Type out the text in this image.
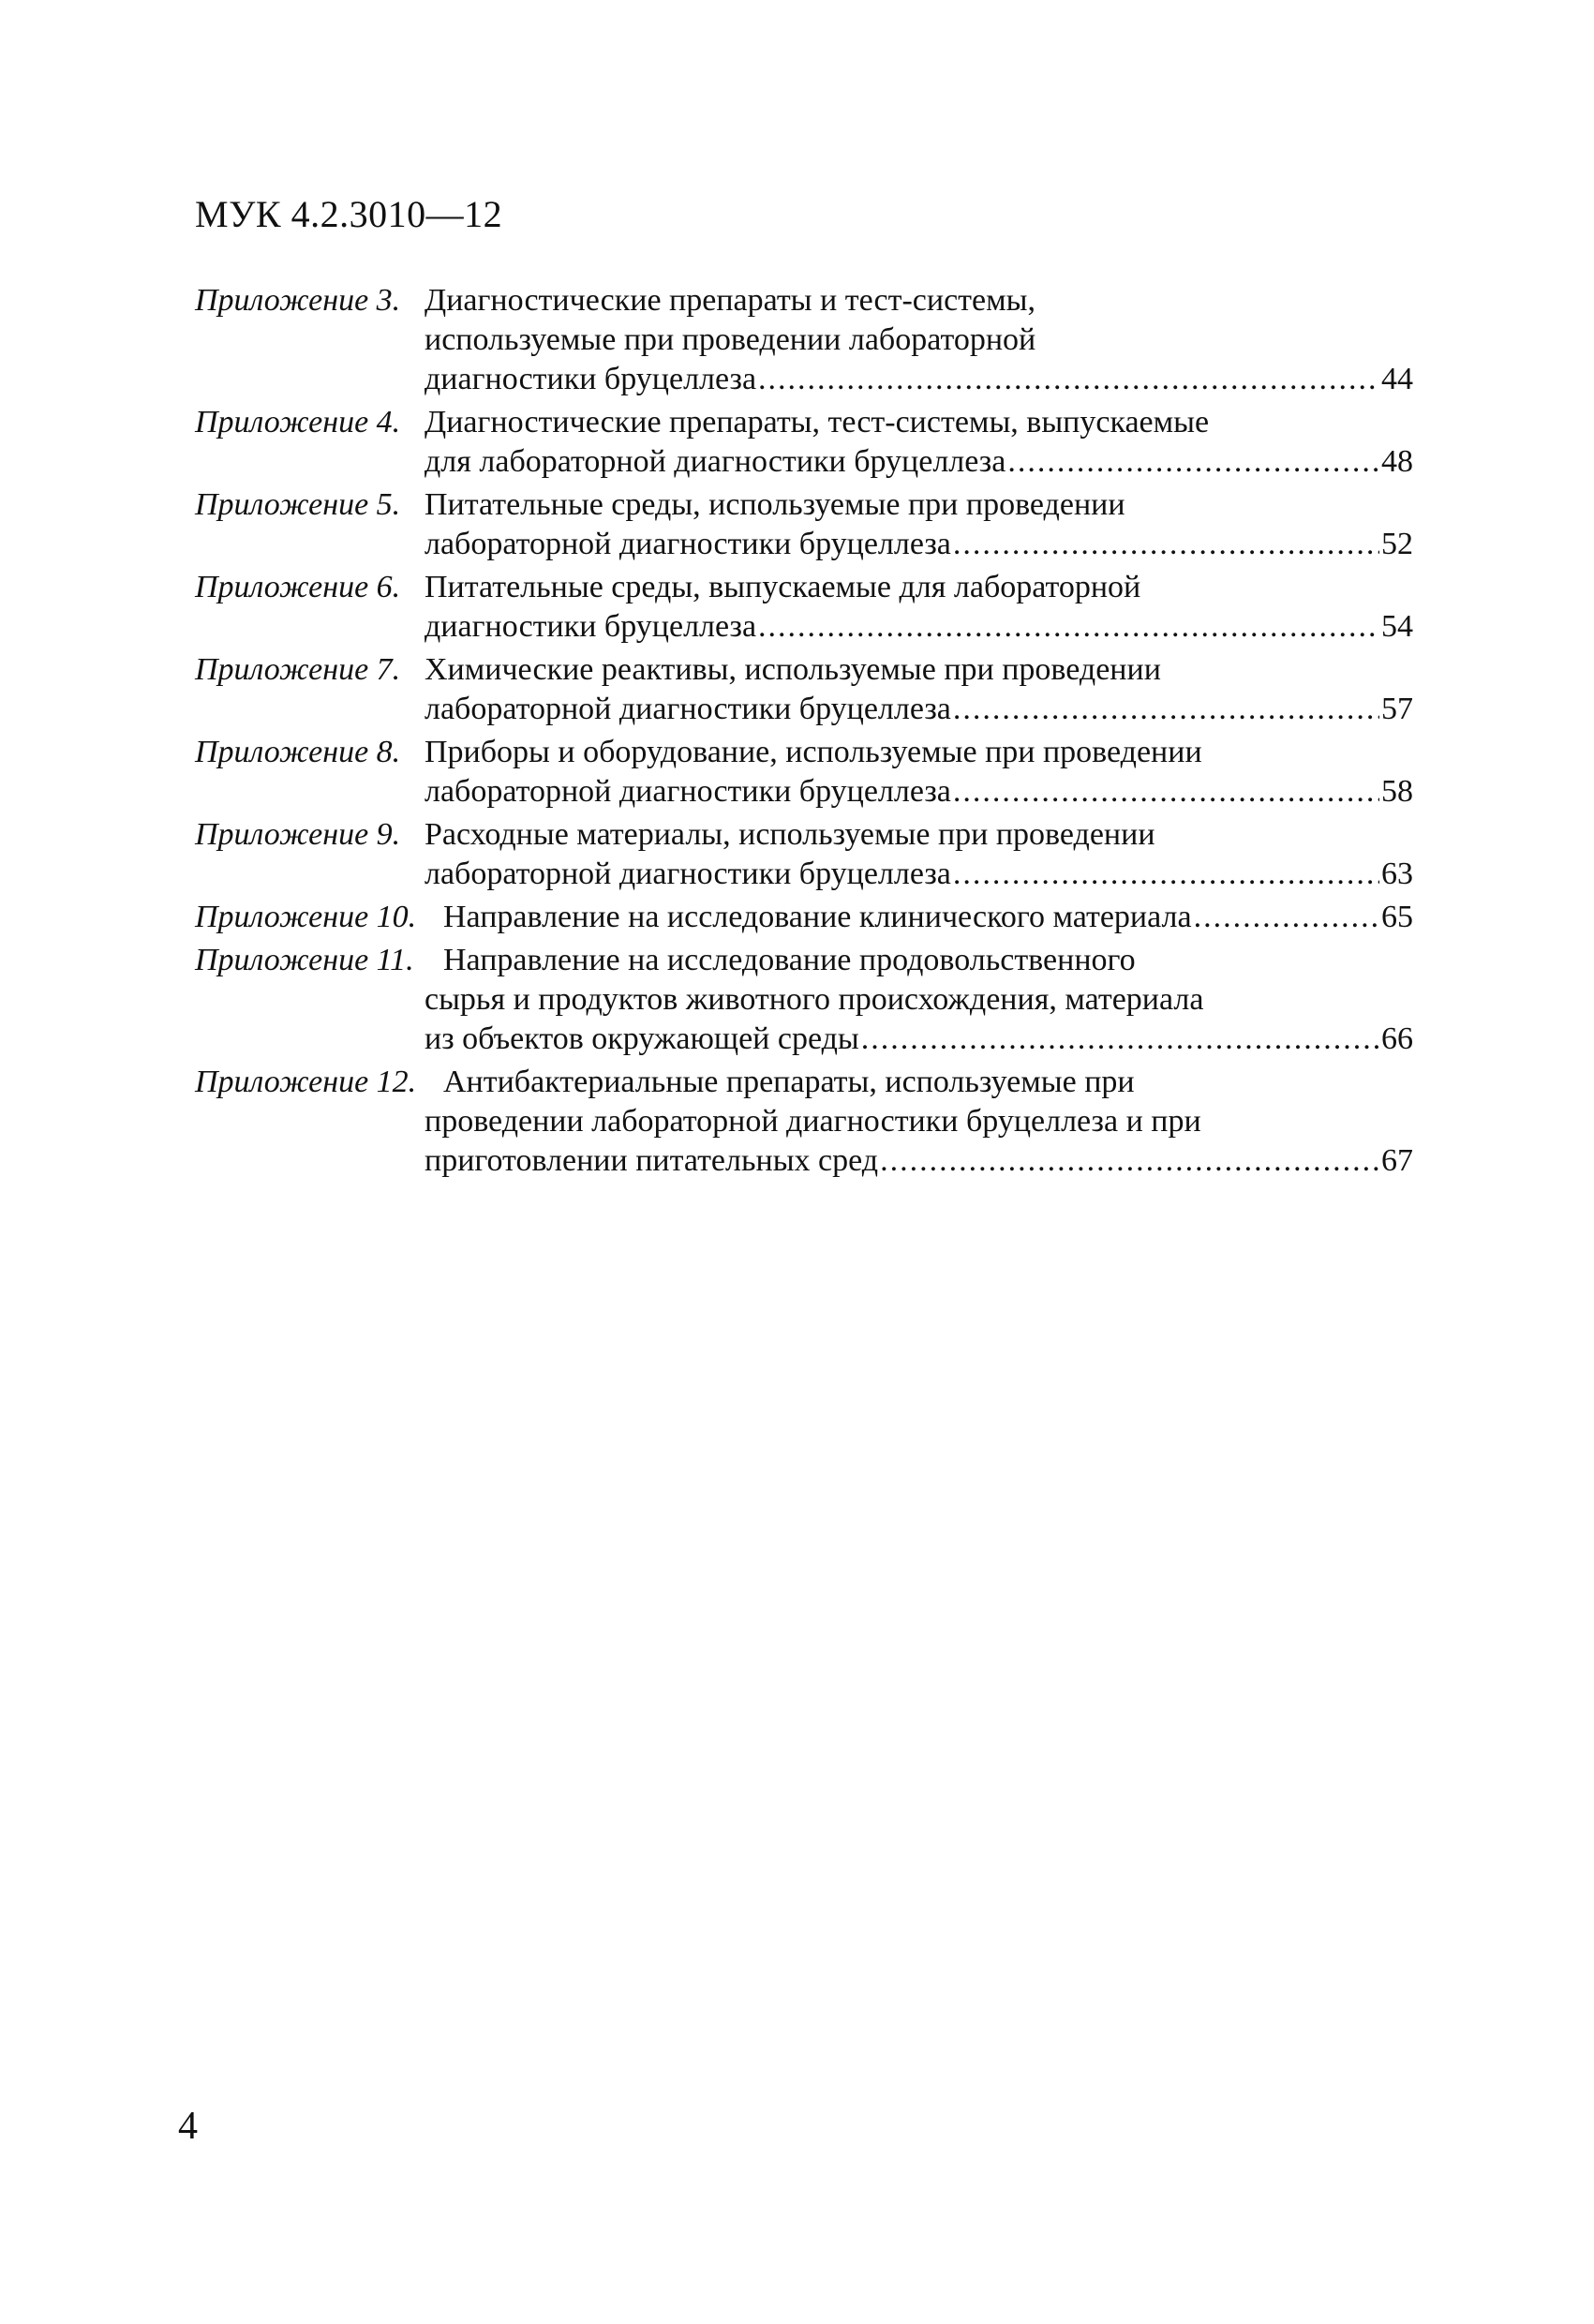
МУК 4.2.3010—12
Приложение 3. Диагностические препараты и тест-системы,
используемые при проведении лабораторной
диагностики бруцеллеза .....	44
Приложение 4. Диагностические препараты, тест-системы, выпускаемые
для лабораторной диагностики бруцеллеза .....	48
Приложение 5. Питательные среды, используемые при проведении
лабораторной диагностики бруцеллеза .....	52
Приложение 6. Питательные среды, выпускаемые для лабораторной
диагностики бруцеллеза .....	54
Приложение 7. Химические реактивы, используемые при проведении
лабораторной диагностики бруцеллеза .....	57
Приложение 8. Приборы и оборудование, используемые при проведении
лабораторной диагностики бруцеллеза .....	58
Приложение 9. Расходные материалы, используемые при проведении
лабораторной диагностики бруцеллеза .....	63
Приложение 10. Направление на исследование клинического материала .....	65
Приложение 11. Направление на исследование продовольственного
сырья и продуктов животного происхождения, материала
из объектов окружающей среды .....	66
Приложение 12. Антибактериальные препараты, используемые при
проведении лабораторной диагностики бруцеллеза и при
приготовлении питательных сред .....	67
4
